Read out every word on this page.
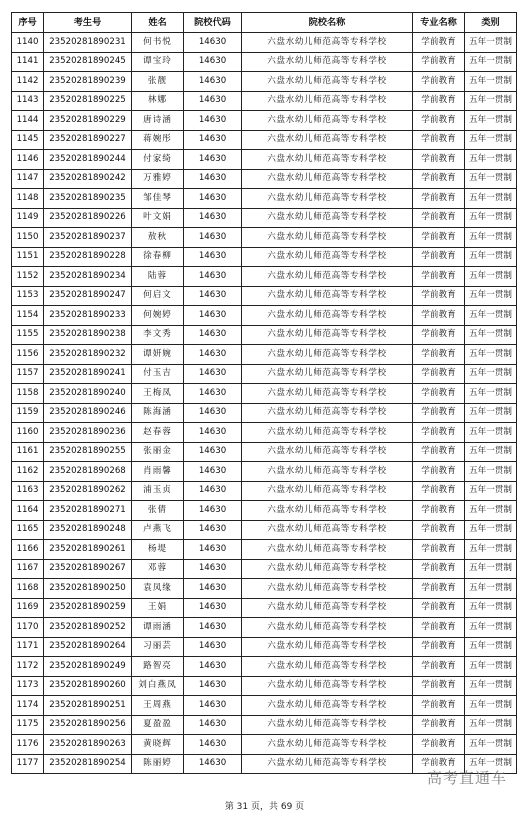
序号	考生号	姓名	院校代码	院校名称	专业名称	类别
1140	23520281890231	何书悦	14630	六盘水幼儿师范高等专科学校	学前教育	五年一贯制
1141	23520281890245	谭宝玲	14630	六盘水幼儿师范高等专科学校	学前教育	五年一贯制
1142	23520281890239	张靓	14630	六盘水幼儿师范高等专科学校	学前教育	五年一贯制
1143	23520281890225	林娜	14630	六盘水幼儿师范高等专科学校	学前教育	五年一贯制
1144	23520281890229	唐诗涵	14630	六盘水幼儿师范高等专科学校	学前教育	五年一贯制
1145	23520281890227	蒋婉彤	14630	六盘水幼儿师范高等专科学校	学前教育	五年一贯制
1146	23520281890244	付家绮	14630	六盘水幼儿师范高等专科学校	学前教育	五年一贯制
1147	23520281890242	万雅婷	14630	六盘水幼儿师范高等专科学校	学前教育	五年一贯制
1148	23520281890235	邹佳琴	14630	六盘水幼儿师范高等专科学校	学前教育	五年一贯制
1149	23520281890226	叶文娟	14630	六盘水幼儿师范高等专科学校	学前教育	五年一贯制
1150	23520281890237	敖秋	14630	六盘水幼儿师范高等专科学校	学前教育	五年一贯制
1151	23520281890228	徐春柳	14630	六盘水幼儿师范高等专科学校	学前教育	五年一贯制
1152	23520281890234	陆蓉	14630	六盘水幼儿师范高等专科学校	学前教育	五年一贯制
1153	23520281890247	何启文	14630	六盘水幼儿师范高等专科学校	学前教育	五年一贯制
1154	23520281890233	何婉婷	14630	六盘水幼儿师范高等专科学校	学前教育	五年一贯制
1155	23520281890238	李文秀	14630	六盘水幼儿师范高等专科学校	学前教育	五年一贯制
1156	23520281890232	谭妍婉	14630	六盘水幼儿师范高等专科学校	学前教育	五年一贯制
1157	23520281890241	付玉吉	14630	六盘水幼儿师范高等专科学校	学前教育	五年一贯制
1158	23520281890240	王梅凤	14630	六盘水幼儿师范高等专科学校	学前教育	五年一贯制
1159	23520281890246	陈海涵	14630	六盘水幼儿师范高等专科学校	学前教育	五年一贯制
1160	23520281890236	赵春蓉	14630	六盘水幼儿师范高等专科学校	学前教育	五年一贯制
1161	23520281890255	张丽金	14630	六盘水幼儿师范高等专科学校	学前教育	五年一贯制
1162	23520281890268	肖雨馨	14630	六盘水幼儿师范高等专科学校	学前教育	五年一贯制
1163	23520281890262	浦玉贞	14630	六盘水幼儿师范高等专科学校	学前教育	五年一贯制
1164	23520281890271	张倩	14630	六盘水幼儿师范高等专科学校	学前教育	五年一贯制
1165	23520281890248	卢燕飞	14630	六盘水幼儿师范高等专科学校	学前教育	五年一贯制
1166	23520281890261	杨堤	14630	六盘水幼儿师范高等专科学校	学前教育	五年一贯制
1167	23520281890267	邓蓉	14630	六盘水幼儿师范高等专科学校	学前教育	五年一贯制
1168	23520281890250	袁凤缘	14630	六盘水幼儿师范高等专科学校	学前教育	五年一贯制
1169	23520281890259	王娟	14630	六盘水幼儿师范高等专科学校	学前教育	五年一贯制
1170	23520281890252	谭雨涵	14630	六盘水幼儿师范高等专科学校	学前教育	五年一贯制
1171	23520281890264	习丽芸	14630	六盘水幼儿师范高等专科学校	学前教育	五年一贯制
1172	23520281890249	路智亮	14630	六盘水幼儿师范高等专科学校	学前教育	五年一贯制
1173	23520281890260	刘白燕凤	14630	六盘水幼儿师范高等专科学校	学前教育	五年一贯制
1174	23520281890251	王周燕	14630	六盘水幼儿师范高等专科学校	学前教育	五年一贯制
1175	23520281890256	夏盈盈	14630	六盘水幼儿师范高等专科学校	学前教育	五年一贯制
1176	23520281890263	黄晓辉	14630	六盘水幼儿师范高等专科学校	学前教育	五年一贯制
1177	23520281890254	陈丽婷	14630	六盘水幼儿师范高等专科学校	学前教育	五年一贯制
第 31 页，共 69 页
高考直通车
